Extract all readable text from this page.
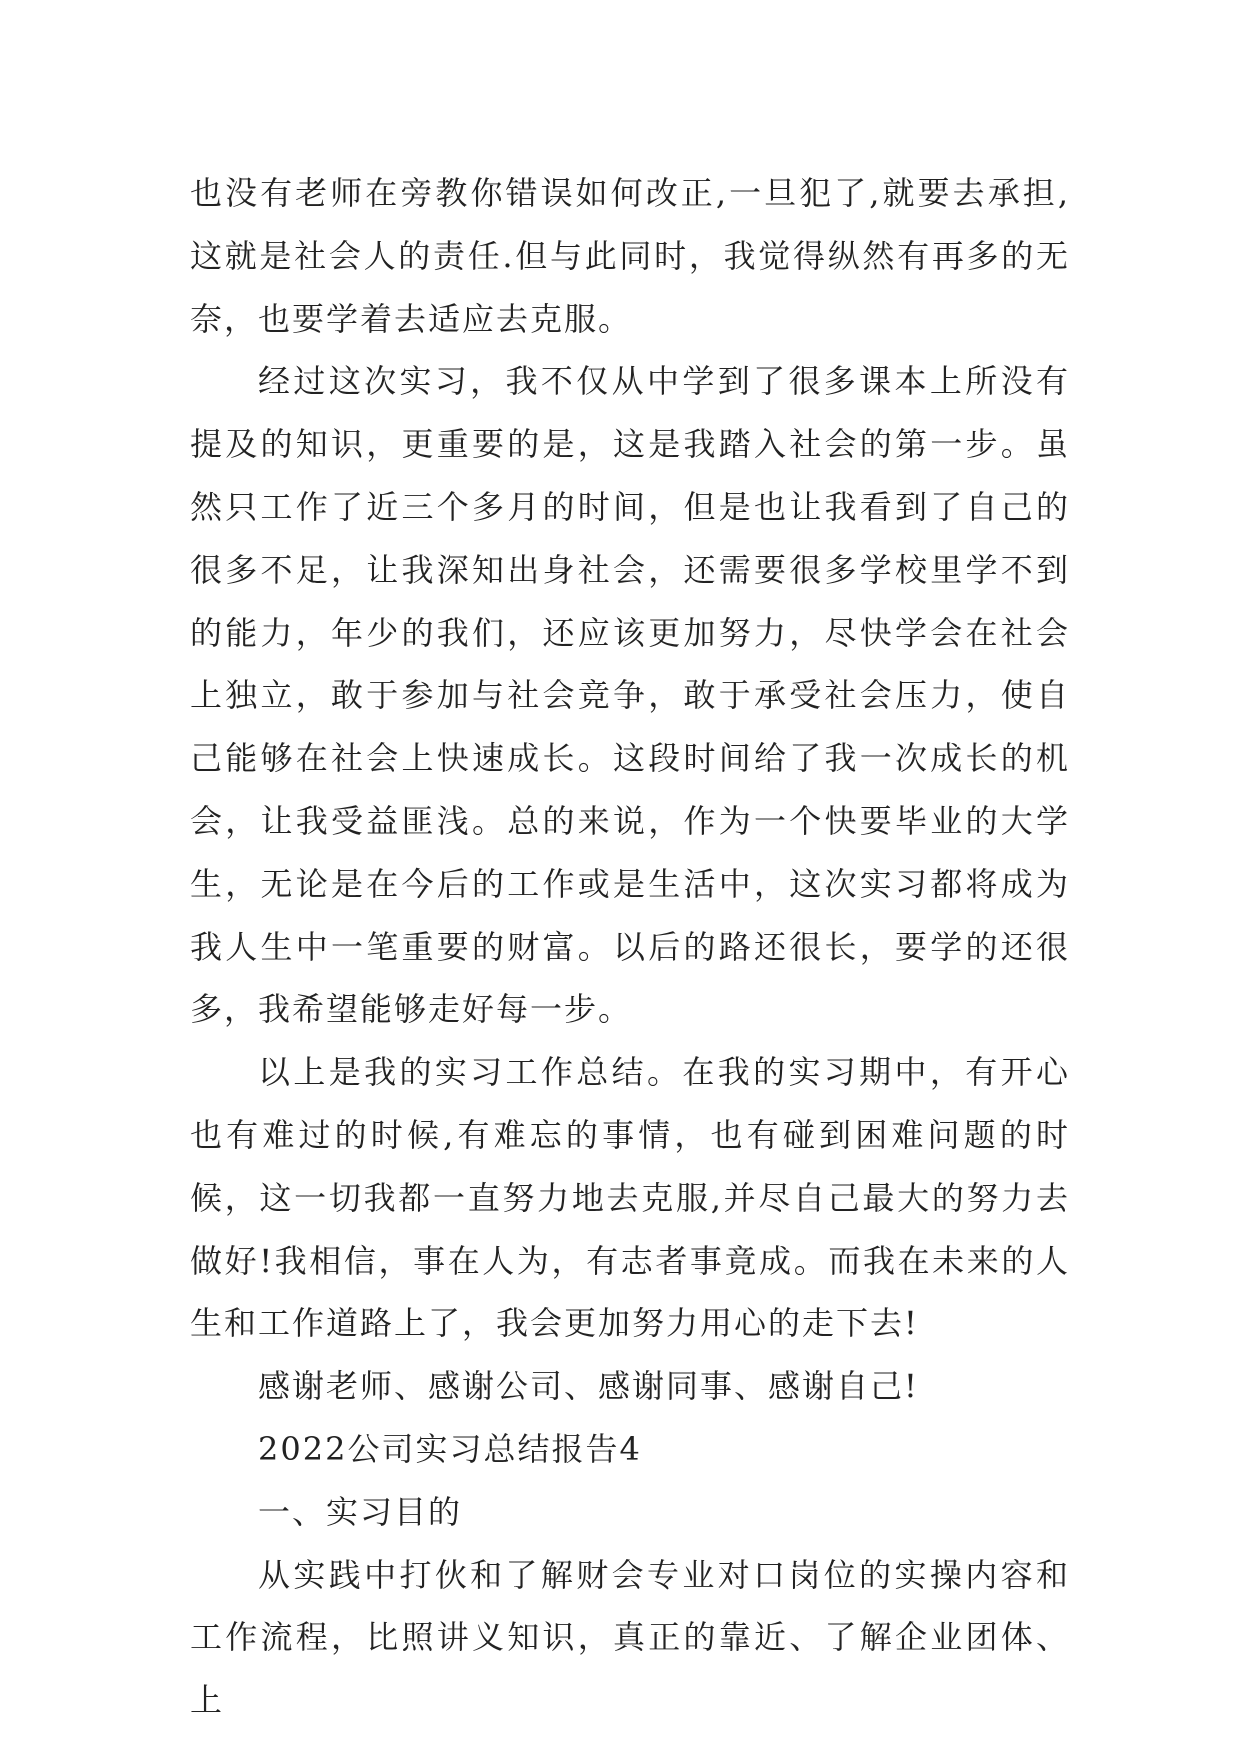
也没有老师在旁教你错误如何改正,一旦犯了,就要去承担,这就是社会人的责任.但与此同时，我觉得纵然有再多的无奈，也要学着去适应去克服。

经过这次实习，我不仅从中学到了很多课本上所没有提及的知识，更重要的是，这是我踏入社会的第一步。虽然只工作了近三个多月的时间，但是也让我看到了自己的很多不足，让我深知出身社会，还需要很多学校里学不到的能力，年少的我们，还应该更加努力，尽快学会在社会上独立，敢于参加与社会竞争，敢于承受社会压力，使自己能够在社会上快速成长。这段时间给了我一次成长的机会，让我受益匪浅。总的来说，作为一个快要毕业的大学生，无论是在今后的工作或是生活中，这次实习都将成为我人生中一笔重要的财富。以后的路还很长，要学的还很多，我希望能够走好每一步。

以上是我的实习工作总结。在我的实习期中，有开心也有难过的时候,有难忘的事情，也有碰到困难问题的时候，这一切我都一直努力地去克服,并尽自己最大的努力去做好!我相信，事在人为，有志者事竟成。而我在未来的人生和工作道路上了，我会更加努力用心的走下去!

感谢老师、感谢公司、感谢同事、感谢自己!

2022公司实习总结报告4

一、实习目的

从实践中打伙和了解财会专业对口岗位的实操内容和工作流程，比照讲义知识，真正的靠近、了解企业团体、上
